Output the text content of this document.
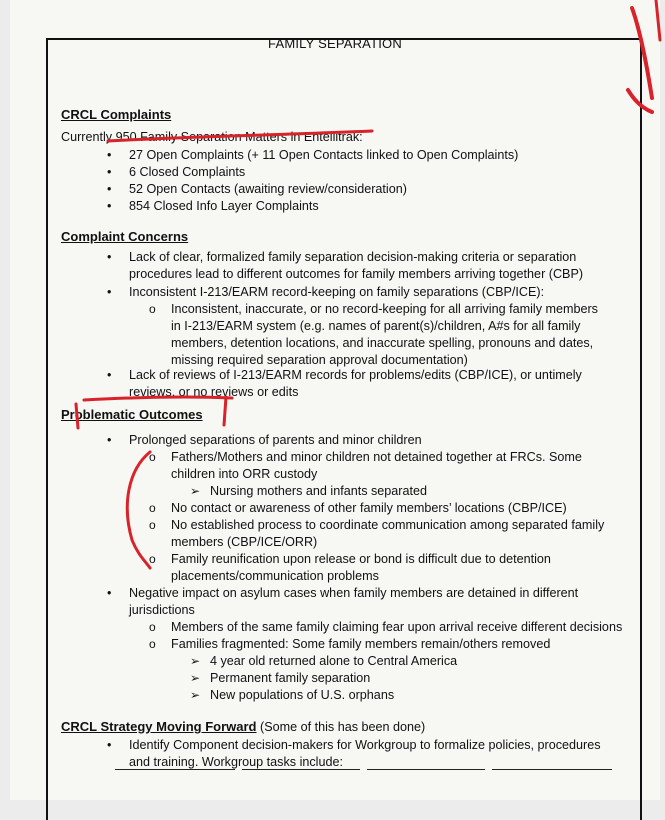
FAMILY SEPARATION
CRCL Complaints
Currently 950 Family Separation Matters in Entellitrak:
• 27 Open Complaints (+ 11 Open Contacts linked to Open Complaints)
• 6 Closed Complaints
• 52 Open Contacts (awaiting review/consideration)
• 854 Closed Info Layer Complaints
Complaint Concerns
• Lack of clear, formalized family separation decision-making criteria or separation procedures lead to different outcomes for family members arriving together (CBP)
• Inconsistent I-213/EARM record-keeping on family separations (CBP/ICE):
o Inconsistent, inaccurate, or no record-keeping for all arriving family members in I-213/EARM system (e.g. names of parent(s)/children, A#s for all family members, detention locations, and inaccurate spelling, pronouns and dates, missing required separation approval documentation)
• Lack of reviews of I-213/EARM records for problems/edits (CBP/ICE), or untimely reviews, or no reviews or edits
Problematic Outcomes
• Prolonged separations of parents and minor children
o Fathers/Mothers and minor children not detained together at FRCs. Some children into ORR custody
➢ Nursing mothers and infants separated
o No contact or awareness of other family members’ locations (CBP/ICE)
o No established process to coordinate communication among separated family members (CBP/ICE/ORR)
o Family reunification upon release or bond is difficult due to detention placements/communication problems
• Negative impact on asylum cases when family members are detained in different jurisdictions
o Members of the same family claiming fear upon arrival receive different decisions
o Families fragmented: Some family members remain/others removed
➢ 4 year old returned alone to Central America
➢ Permanent family separation
➢ New populations of U.S. orphans
CRCL Strategy Moving Forward (Some of this has been done)
• Identify Component decision-makers for Workgroup to formalize policies, procedures and training. Workgroup tasks include:
